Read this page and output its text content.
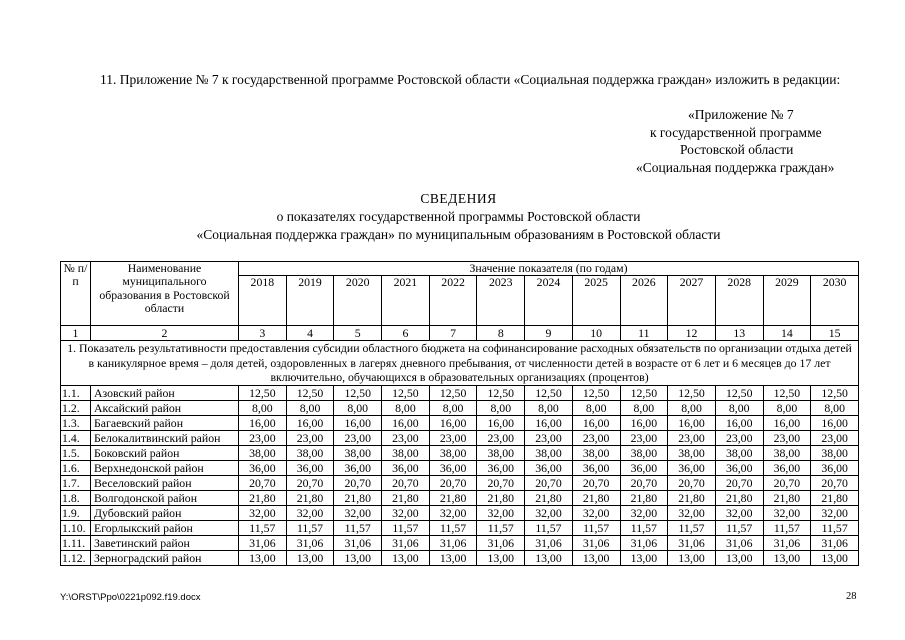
11. Приложение № 7 к государственной программе Ростовской области «Социальная поддержка граждан» изложить в редакции:
«Приложение № 7
к государственной программе
Ростовской области
«Социальная поддержка граждан»
СВЕДЕНИЯ
о показателях государственной программы Ростовской области
«Социальная поддержка граждан» по муниципальным образованиям в Ростовской области
№ п/п	Наименование муниципального образования в Ростовской области	Значение показателя (по годам)												
		2018	2019	2020	2021	2022	2023	2024	2025	2026	2027	2028	2029	2030
1	2	3	4	5	6	7	8	9	10	11	12	13	14	15
1. Показатель результативности предоставления субсидии областного бюджета на софинансирование расходных обязательств по организации отдыха детей в каникулярное время – доля детей, оздоровленных в лагерях дневного пребывания, от численности детей в возрасте от 6 лет и 6 месяцев до 17 лет включительно, обучающихся в образовательных организациях (процентов)														
1.1.	Азовский район	12,50	12,50	12,50	12,50	12,50	12,50	12,50	12,50	12,50	12,50	12,50	12,50	12,50
1.2.	Аксайский район	8,00	8,00	8,00	8,00	8,00	8,00	8,00	8,00	8,00	8,00	8,00	8,00	8,00
1.3.	Багаевский район	16,00	16,00	16,00	16,00	16,00	16,00	16,00	16,00	16,00	16,00	16,00	16,00	16,00
1.4.	Белокалитвинский район	23,00	23,00	23,00	23,00	23,00	23,00	23,00	23,00	23,00	23,00	23,00	23,00	23,00
1.5.	Боковский район	38,00	38,00	38,00	38,00	38,00	38,00	38,00	38,00	38,00	38,00	38,00	38,00	38,00
1.6.	Верхнедонской район	36,00	36,00	36,00	36,00	36,00	36,00	36,00	36,00	36,00	36,00	36,00	36,00	36,00
1.7.	Веселовский район	20,70	20,70	20,70	20,70	20,70	20,70	20,70	20,70	20,70	20,70	20,70	20,70	20,70
1.8.	Волгодонской район	21,80	21,80	21,80	21,80	21,80	21,80	21,80	21,80	21,80	21,80	21,80	21,80	21,80
1.9.	Дубовский район	32,00	32,00	32,00	32,00	32,00	32,00	32,00	32,00	32,00	32,00	32,00	32,00	32,00
1.10.	Егорлыкский район	11,57	11,57	11,57	11,57	11,57	11,57	11,57	11,57	11,57	11,57	11,57	11,57	11,57
1.11.	Заветинский район	31,06	31,06	31,06	31,06	31,06	31,06	31,06	31,06	31,06	31,06	31,06	31,06	31,06
1.12.	Зерноградский район	13,00	13,00	13,00	13,00	13,00	13,00	13,00	13,00	13,00	13,00	13,00	13,00	13,00
Y:\ORST\Ppo\0221p092.f19.docx	28
